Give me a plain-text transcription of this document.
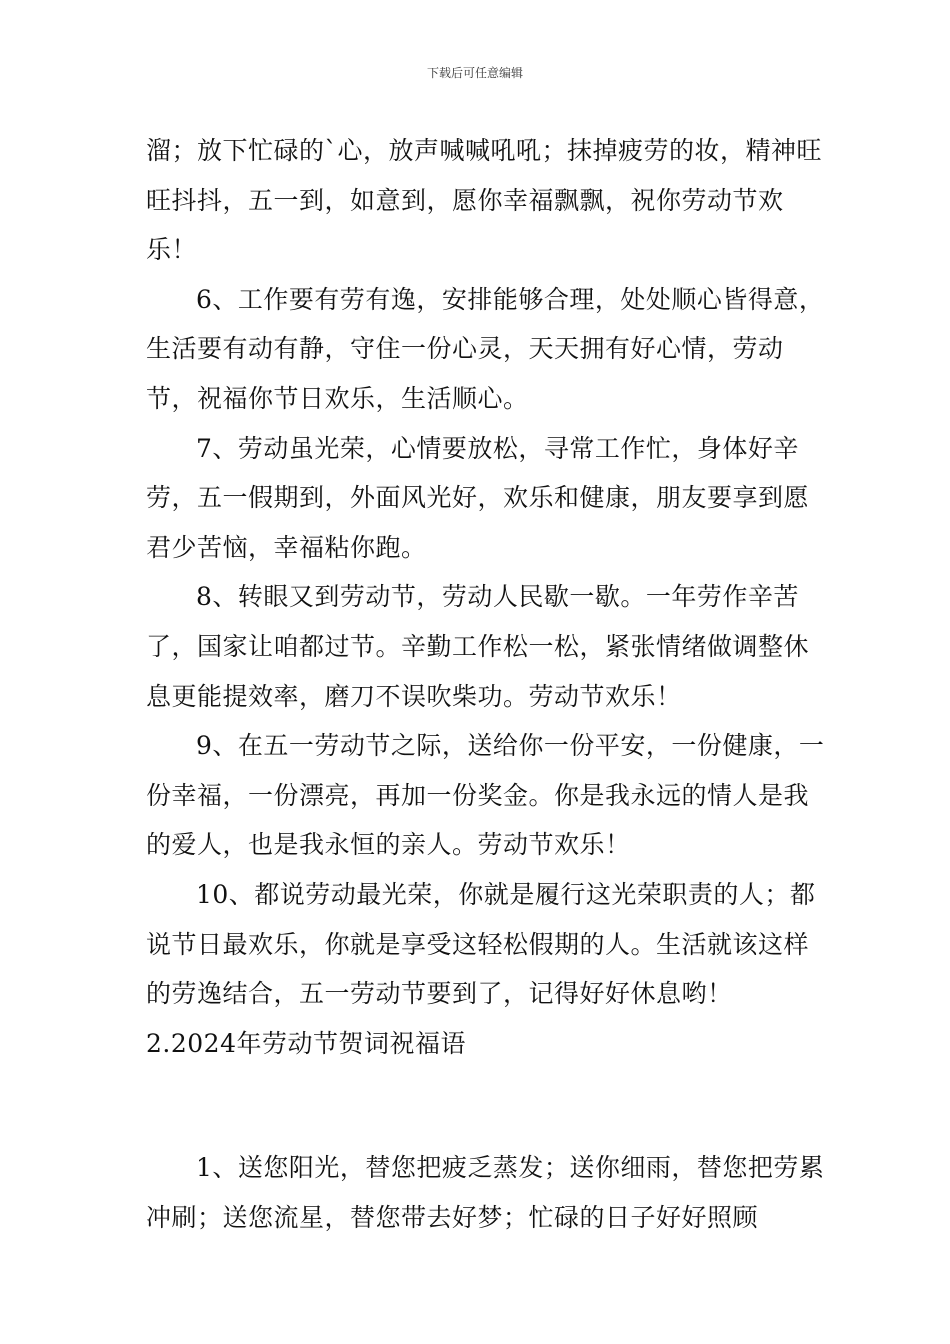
下载后可任意编辑

溜；放下忙碌的`心，放声喊喊吼吼；抹掉疲劳的妆，精神旺旺抖抖，五一到，如意到，愿你幸福飘飘，祝你劳动节欢乐！

6、工作要有劳有逸，安排能够合理，处处顺心皆得意，生活要有动有静，守住一份心灵，天天拥有好心情，劳动节，祝福你节日欢乐，生活顺心。

7、劳动虽光荣，心情要放松，寻常工作忙，身体好辛劳，五一假期到，外面风光好，欢乐和健康，朋友要享到愿君少苦恼，幸福粘你跑。

8、转眼又到劳动节，劳动人民歇一歇。一年劳作辛苦了，国家让咱都过节。辛勤工作松一松，紧张情绪做调整休息更能提效率，磨刀不误吹柴功。劳动节欢乐！

9、在五一劳动节之际，送给你一份平安，一份健康，一份幸福，一份漂亮，再加一份奖金。你是我永远的情人是我的爱人，也是我永恒的亲人。劳动节欢乐！

10、都说劳动最光荣，你就是履行这光荣职责的人；都说节日最欢乐，你就是享受这轻松假期的人。生活就该这样的劳逸结合，五一劳动节要到了，记得好好休息哟！

2.2024年劳动节贺词祝福语

1、送您阳光，替您把疲乏蒸发；送你细雨，替您把劳累冲刷；送您流星，替您带去好梦；忙碌的日子好好照顾
